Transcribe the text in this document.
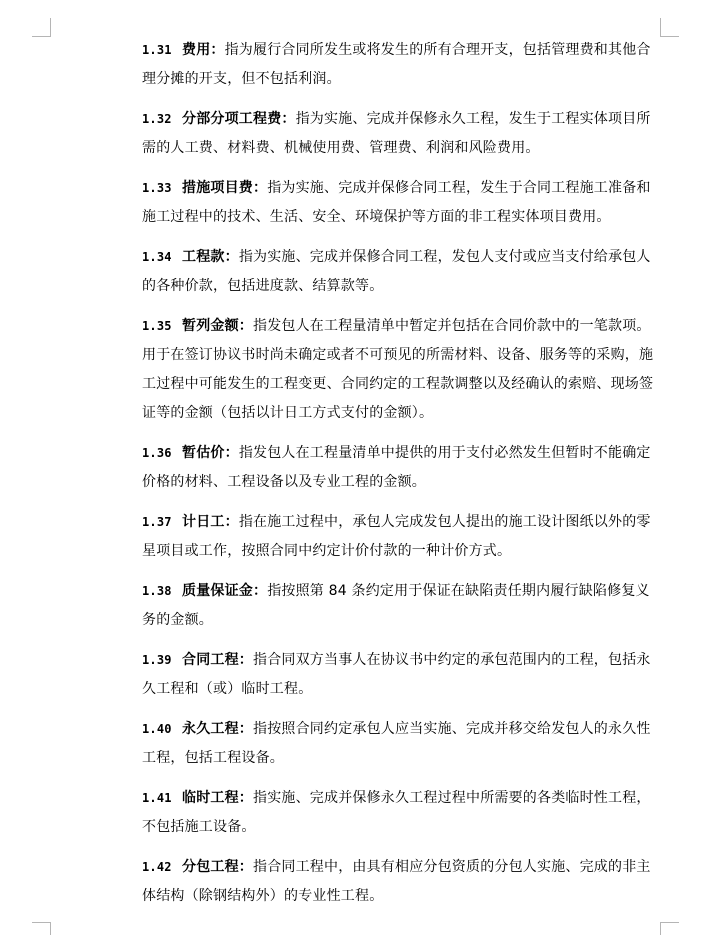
1.31 费用：指为履行合同所发生或将发生的所有合理开支，包括管理费和其他合理分摊的开支，但不包括利润。

1.32 分部分项工程费：指为实施、完成并保修永久工程，发生于工程实体项目所需的人工费、材料费、机械使用费、管理费、利润和风险费用。

1.33 措施项目费：指为实施、完成并保修合同工程，发生于合同工程施工准备和施工过程中的技术、生活、安全、环境保护等方面的非工程实体项目费用。

1.34 工程款：指为实施、完成并保修合同工程，发包人支付或应当支付给承包人的各种价款，包括进度款、结算款等。

1.35 暂列金额：指发包人在工程量清单中暂定并包括在合同价款中的一笔款项。用于在签订协议书时尚未确定或者不可预见的所需材料、设备、服务等的采购，施工过程中可能发生的工程变更、合同约定的工程款调整以及经确认的索赔、现场签证等的金额（包括以计日工方式支付的金额）。

1.36 暂估价：指发包人在工程量清单中提供的用于支付必然发生但暂时不能确定价格的材料、工程设备以及专业工程的金额。

1.37 计日工：指在施工过程中，承包人完成发包人提出的施工设计图纸以外的零星项目或工作，按照合同中约定计价付款的一种计价方式。

1.38 质量保证金：指按照第 84 条约定用于保证在缺陷责任期内履行缺陷修复义务的金额。

1.39 合同工程：指合同双方当事人在协议书中约定的承包范围内的工程，包括永久工程和（或）临时工程。

1.40 永久工程：指按照合同约定承包人应当实施、完成并移交给发包人的永久性工程，包括工程设备。

1.41 临时工程：指实施、完成并保修永久工程过程中所需要的各类临时性工程，不包括施工设备。

1.42 分包工程：指合同工程中，由具有相应分包资质的分包人实施、完成的非主体结构（除钢结构外）的专业性工程。
